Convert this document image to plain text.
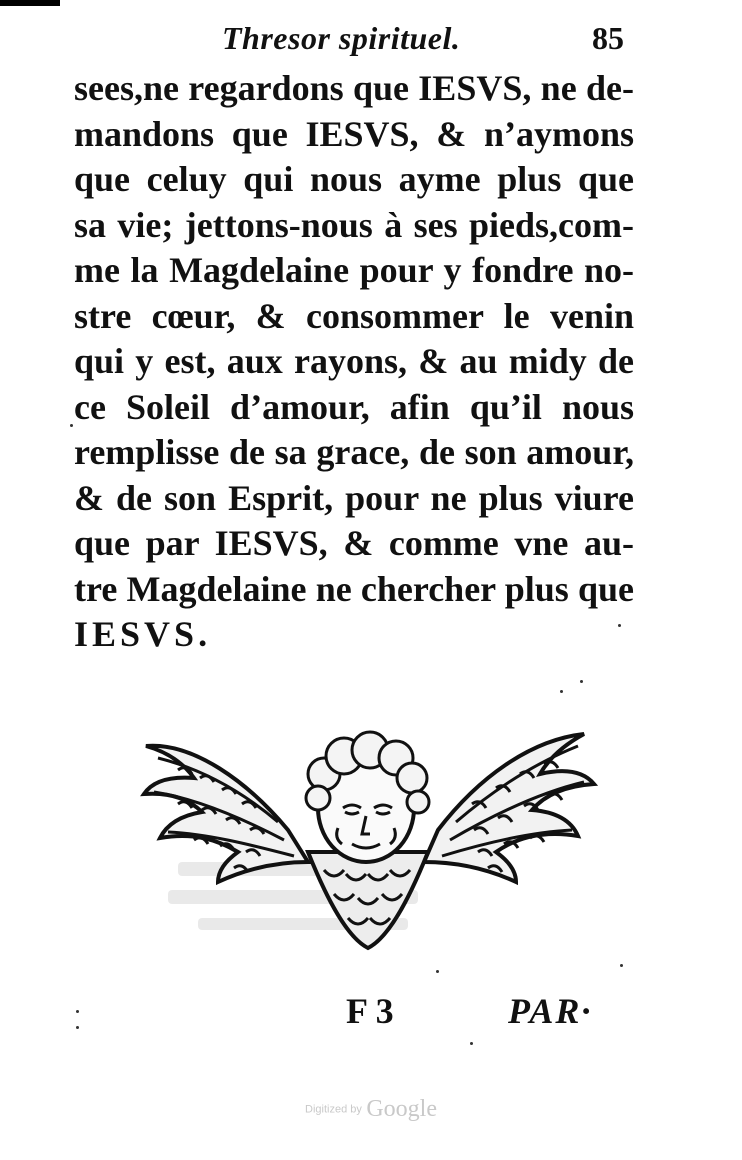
Thresor spirituel.	85
sees,ne regardons que IESVS, ne de-
mandons que IESVS, & n’aymons
que celuy qui nous ayme plus que
sa vie; jettons-nous à ses pieds,com-
me la Magdelaine pour y fondre no-
stre cœur, & consommer le venin
qui y est, aux rayons, & au midy de
ce Soleil d’amour, afin qu’il nous
remplisse de sa grace, de son amour,
& de son Esprit, pour ne plus viure
que par IESVS, & comme vne au-
tre Magdelaine ne chercher plus que
IESVS.
F 3	PAR·
Digitized by Google
